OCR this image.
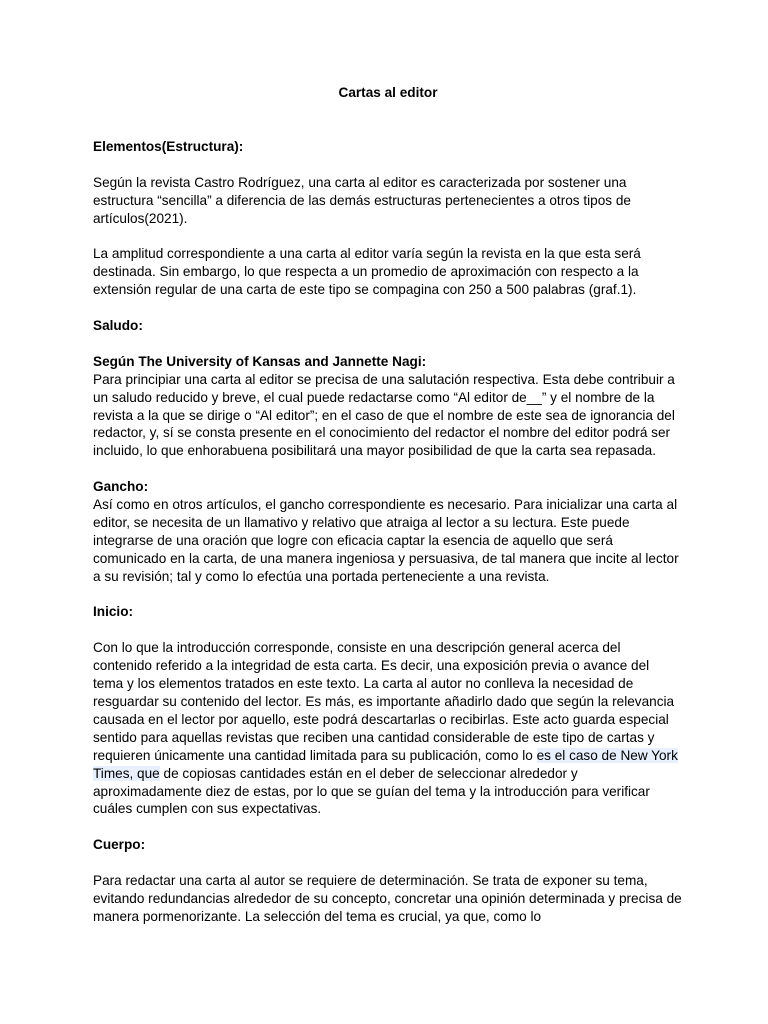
Cartas al editor

Elementos(Estructura):

Según la revista Castro Rodríguez, una carta al editor es caracterizada por sostener una estructura “sencilla” a diferencia de las demás estructuras pertenecientes a otros tipos de artículos(2021).

La amplitud correspondiente a una carta al editor varía según la revista en la que esta será destinada. Sin embargo, lo que respecta a un promedio de aproximación con respecto a la extensión regular de una carta de este tipo se compagina con 250 a 500 palabras (graf.1).

Saludo:

Según The University of Kansas and Jannette Nagi:

Para principiar una carta al editor se precisa de una salutación respectiva. Esta debe contribuir a un saludo reducido y breve, el cual puede redactarse como “Al editor de__” y el nombre de la revista a la que se dirige o “Al editor”; en el caso de que el nombre de este sea de ignorancia del redactor, y, sí se consta presente en el conocimiento del redactor el nombre del editor podrá ser incluido, lo que enhorabuena posibilitará una mayor posibilidad de que la carta sea repasada.

Gancho:

Así como en otros artículos, el gancho correspondiente es necesario. Para inicializar una carta al editor, se necesita de un llamativo y relativo que atraiga al lector a su lectura. Este puede integrarse de una oración que logre con eficacia captar la esencia de aquello que será comunicado en la carta, de una manera ingeniosa y persuasiva, de tal manera que incite al lector a su revisión; tal y como lo efectúa una portada perteneciente a una revista.

Inicio:

Con lo que la introducción corresponde, consiste en una descripción general acerca del contenido referido a la integridad de esta carta. Es decir, una exposición previa o avance del tema y los elementos tratados en este texto. La carta al autor no conlleva la necesidad de resguardar su contenido del lector. Es más, es importante añadirlo dado que según la relevancia causada en el lector por aquello, este podrá descartarlas o recibirlas. Este acto guarda especial sentido para aquellas revistas que reciben una cantidad considerable de este tipo de cartas y requieren únicamente una cantidad limitada para su publicación, como lo es el caso de New York Times, que de copiosas cantidades están en el deber de seleccionar alrededor y aproximadamente diez de estas, por lo que se guían del tema y la introducción para verificar cuáles cumplen con sus expectativas.

Cuerpo:

Para redactar una carta al autor se requiere de determinación. Se trata de exponer su tema, evitando redundancias alrededor de su concepto, concretar una opinión determinada y precisa de manera pormenorizante. La selección del tema es crucial, ya que, como lo
